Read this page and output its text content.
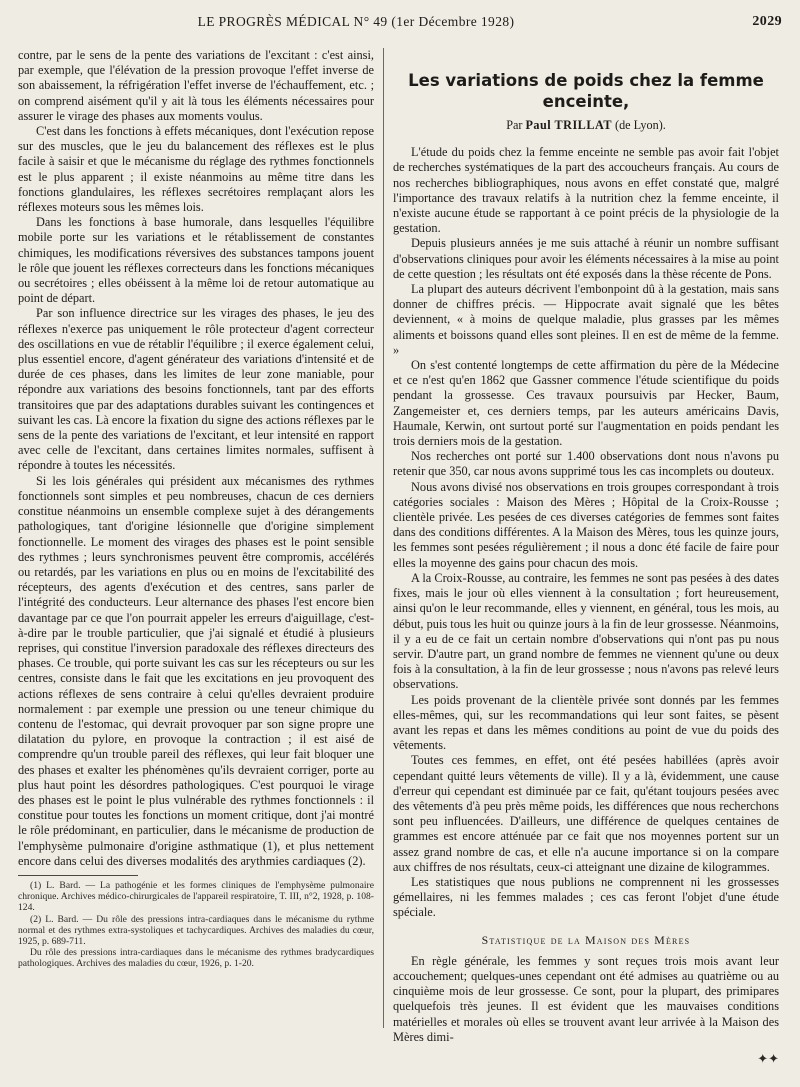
LE PROGRÈS MÉDICAL N° 49 (1er Décembre 1928)	2029

contre, par le sens de la pente des variations de l'excitant : c'est ainsi, par exemple, que l'élévation de la pression provoque l'effet inverse de son abaissement, la réfrigération l'effet inverse de l'échauffement, etc. ; on comprend aisément qu'il y ait là tous les éléments nécessaires pour assurer le virage des phases aux moments voulus.

C'est dans les fonctions à effets mécaniques, dont l'exécution repose sur des muscles, que le jeu du balancement des réflexes est le plus facile à saisir et que le mécanisme du réglage des rythmes fonctionnels est le plus apparent ; il existe néanmoins au même titre dans les fonctions glandulaires, les réflexes secrétoires remplaçant alors les réflexes moteurs sous les mêmes lois.

Dans les fonctions à base humorale, dans lesquelles l'équilibre mobile porte sur les variations et le rétablissement de constantes chimiques, les modifications réversives des substances tampons jouent le rôle que jouent les réflexes correcteurs dans les fonctions mécaniques ou secrétoires ; elles obéissent à la même loi de retour automatique au point de départ.

Par son influence directrice sur les virages des phases, le jeu des réflexes n'exerce pas uniquement le rôle protecteur d'agent correcteur des oscillations en vue de rétablir l'équilibre ; il exerce également celui, plus essentiel encore, d'agent générateur des variations d'intensité et de durée de ces phases, dans les limites de leur zone maniable, pour répondre aux variations des besoins fonctionnels, tant par des efforts transitoires que par des adaptations durables suivant les contingences et suivant les cas. Là encore la fixation du signe des actions réflexes par le sens de la pente des variations de l'excitant, et leur intensité en rapport avec celle de l'excitant, dans certaines limites normales, suffisent à répondre à toutes les nécessités.

Si les lois générales qui président aux mécanismes des rythmes fonctionnels sont simples et peu nombreuses, chacun de ces derniers constitue néanmoins un ensemble complexe sujet à des dérangements pathologiques, tant d'origine lésionnelle que d'origine simplement fonctionnelle. Le moment des virages des phases est le point sensible des rythmes ; leurs synchronismes peuvent être compromis, accélérés ou retardés, par les variations en plus ou en moins de l'excitabilité des récepteurs, des agents d'exécution et des centres, sans parler de l'intégrité des conducteurs. Leur alternance des phases l'est encore bien davantage par ce que l'on pourrait appeler les erreurs d'aiguillage, c'est-à-dire par le trouble particulier, que j'ai signalé et étudié à plusieurs reprises, qui constitue l'inversion paradoxale des réflexes directeurs des phases. Ce trouble, qui porte suivant les cas sur les récepteurs ou sur les centres, consiste dans le fait que les excitations en jeu provoquent des actions réflexes de sens contraire à celui qu'elles devraient produire normalement : par exemple une pression ou une teneur chimique du contenu de l'estomac, qui devrait provoquer par son signe propre une dilatation du pylore, en provoque la contraction ; il est aisé de comprendre qu'un trouble pareil des réflexes, qui leur fait bloquer une des phases et exalter les phénomènes qu'ils devraient corriger, porte au plus haut point les désordres pathologiques. C'est pourquoi le virage des phases est le point le plus vulnérable des rythmes fonctionnels : il constitue pour toutes les fonctions un moment critique, dont j'ai montré le rôle prédominant, en particulier, dans le mécanisme de production de l'emphysème pulmonaire d'origine asthmatique (1), et plus nettement encore dans celui des diverses modalités des arythmies cardiaques (2).

(1) L. Bard. — La pathogénie et les formes cliniques de l'emphysème pulmonaire chronique. Archives médico-chirurgicales de l'appareil respiratoire, T. III, n°2, 1928, p. 108-124.

(2) L. Bard. — Du rôle des pressions intra-cardiaques dans le mécanisme du rythme normal et des rythmes extra-systoliques et tachycardiques. Archives des maladies du cœur, 1925, p. 689-711.

Du rôle des pressions intra-cardiaques dans le mécanisme des rythmes bradycardiques pathologiques. Archives des maladies du cœur, 1926, p. 1-20.

Les variations de poids chez la femme
enceinte,
Par Paul TRILLAT (de Lyon).

L'étude du poids chez la femme enceinte ne semble pas avoir fait l'objet de recherches systématiques de la part des accoucheurs français. Au cours de nos recherches bibliographiques, nous avons en effet constaté que, malgré l'importance des travaux relatifs à la nutrition chez la femme enceinte, il n'existe aucune étude se rapportant à ce point précis de la physiologie de la gestation.

Depuis plusieurs années je me suis attaché à réunir un nombre suffisant d'observations cliniques pour avoir les éléments nécessaires à la mise au point de cette question ; les résultats ont été exposés dans la thèse récente de Pons.

La plupart des auteurs décrivent l'embonpoint dû à la gestation, mais sans donner de chiffres précis. — Hippocrate avait signalé que les bêtes deviennent, « à moins de quelque maladie, plus grasses par les mêmes aliments et boissons quand elles sont pleines. Il en est de même de la femme. »

On s'est contenté longtemps de cette affirmation du père de la Médecine et ce n'est qu'en 1862 que Gassner commence l'étude scientifique du poids pendant la grossesse. Ces travaux poursuivis par Hecker, Baum, Zangemeister et, ces derniers temps, par les auteurs américains Davis, Haumale, Kerwin, ont surtout porté sur l'augmentation en poids pendant les trois derniers mois de la gestation.

Nos recherches ont porté sur 1.400 observations dont nous n'avons pu retenir que 350, car nous avons supprimé tous les cas incomplets ou douteux.

Nous avons divisé nos observations en trois groupes correspondant à trois catégories sociales : Maison des Mères ; Hôpital de la Croix-Rousse ; clientèle privée. Les pesées de ces diverses catégories de femmes sont faites dans des conditions différentes. A la Maison des Mères, tous les quinze jours, les femmes sont pesées régulièrement ; il nous a donc été facile de faire pour elles la moyenne des gains pour chacun des mois.

A la Croix-Rousse, au contraire, les femmes ne sont pas pesées à des dates fixes, mais le jour où elles viennent à la consultation ; fort heureusement, ainsi qu'on le leur recommande, elles y viennent, en général, tous les mois, au début, puis tous les huit ou quinze jours à la fin de leur grossesse. Néanmoins, il y a eu de ce fait un certain nombre d'observations qui n'ont pas pu nous servir. D'autre part, un grand nombre de femmes ne viennent qu'une ou deux fois à la consultation, à la fin de leur grossesse ; nous n'avons pas relevé leurs observations.

Les poids provenant de la clientèle privée sont donnés par les femmes elles-mêmes, qui, sur les recommandations qui leur sont faites, se pèsent avant les repas et dans les mêmes conditions au point de vue du poids des vêtements.

Toutes ces femmes, en effet, ont été pesées habillées (après avoir cependant quitté leurs vêtements de ville). Il y a là, évidemment, une cause d'erreur qui cependant est diminuée par ce fait, qu'étant toujours pesées avec des vêtements d'à peu près même poids, les différences que nous recherchons sont peu influencées. D'ailleurs, une différence de quelques centaines de grammes est encore atténuée par ce fait que nos moyennes portent sur un assez grand nombre de cas, et elle n'a aucune importance si on la compare aux chiffres de nos résultats, ceux-ci atteignant une dizaine de kilogrammes.

Les statistiques que nous publions ne comprennent ni les grossesses gémellaires, ni les femmes malades ; ces cas feront l'objet d'une étude spéciale.

Statistique de la Maison des Mères

En règle générale, les femmes y sont reçues trois mois avant leur accouchement; quelques-unes cependant ont été admises au quatrième ou au cinquième mois de leur grossesse. Ce sont, pour la plupart, des primipares quelquefois très jeunes. Il est évident que les mauvaises conditions matérielles et morales où elles se trouvent avant leur arrivée à la Maison des Mères dimi-

✦✦
